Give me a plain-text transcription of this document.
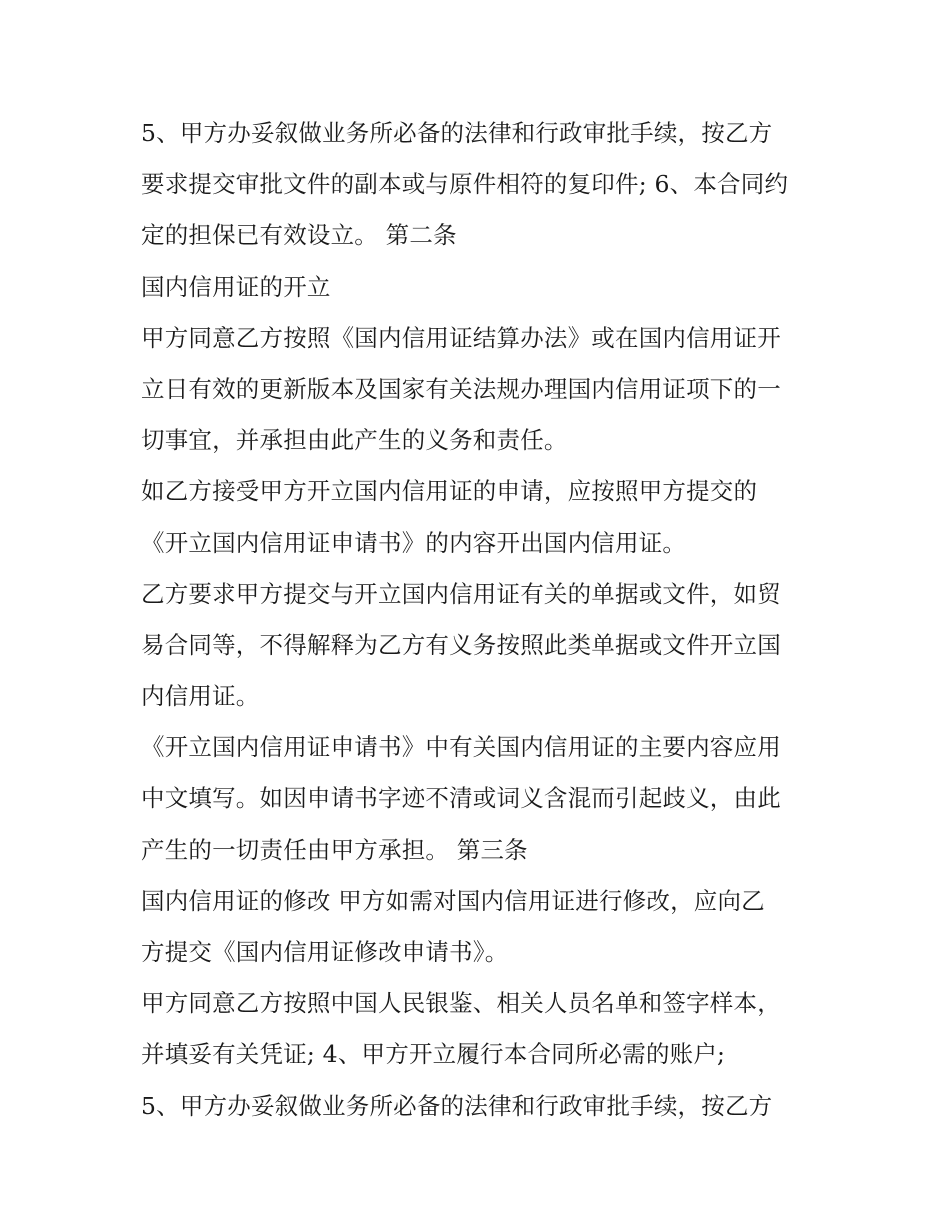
5、甲方办妥叙做业务所必备的法律和行政审批手续，按乙方
要求提交审批文件的副本或与原件相符的复印件; 6、本合同约
定的担保已有效设立。 第二条
国内信用证的开立
甲方同意乙方按照《国内信用证结算办法》或在国内信用证开
立日有效的更新版本及国家有关法规办理国内信用证项下的一
切事宜，并承担由此产生的义务和责任。
如乙方接受甲方开立国内信用证的申请，应按照甲方提交的
《开立国内信用证申请书》的内容开出国内信用证。
乙方要求甲方提交与开立国内信用证有关的单据或文件，如贸
易合同等，不得解释为乙方有义务按照此类单据或文件开立国
内信用证。
《开立国内信用证申请书》中有关国内信用证的主要内容应用
中文填写。如因申请书字迹不清或词义含混而引起歧义，由此
产生的一切责任由甲方承担。 第三条
国内信用证的修改 甲方如需对国内信用证进行修改，应向乙
方提交《国内信用证修改申请书》。
甲方同意乙方按照中国人民银鉴、相关人员名单和签字样本，
并填妥有关凭证; 4、甲方开立履行本合同所必需的账户;
5、甲方办妥叙做业务所必备的法律和行政审批手续，按乙方
